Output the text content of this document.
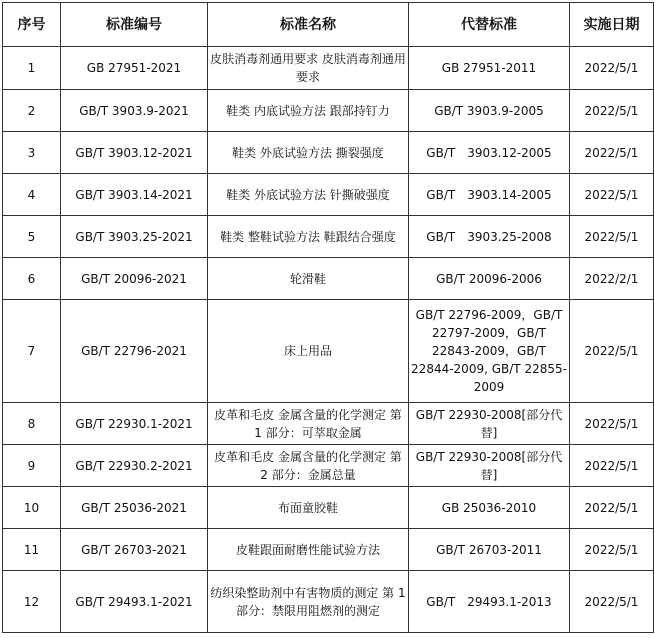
序号	标准编号	标准名称	代替标准	实施日期
1	GB 27951-2021	皮肤消毒剂通用要求 皮肤消毒剂通用要求	GB 27951-2011	2022/5/1
2	GB/T 3903.9-2021	鞋类 内底试验方法 跟部持钉力	GB/T 3903.9-2005	2022/5/1
3	GB/T 3903.12-2021	鞋类 外底试验方法 撕裂强度	GB/T　3903.12-2005	2022/5/1
4	GB/T 3903.14-2021	鞋类 外底试验方法 针撕破强度	GB/T　3903.14-2005	2022/5/1
5	GB/T 3903.25-2021	鞋类 整鞋试验方法 鞋跟结合强度	GB/T　3903.25-2008	2022/5/1
6	GB/T 20096-2021	轮滑鞋	GB/T 20096-2006	2022/2/1
7	GB/T 22796-2021	床上用品	GB/T 22796-2009，GB/T 22797-2009，GB/T 22843-2009，GB/T 22844-2009, GB/T 22855-2009	2022/5/1
8	GB/T 22930.1-2021	皮革和毛皮 金属含量的化学测定 第 1 部分：可萃取金属	GB/T 22930-2008[部分代替]	2022/5/1
9	GB/T 22930.2-2021	皮革和毛皮 金属含量的化学测定 第 2 部分：金属总量	GB/T 22930-2008[部分代替]	2022/5/1
10	GB/T 25036-2021	布面童胶鞋	GB 25036-2010	2022/5/1
11	GB/T 26703-2021	皮鞋跟面耐磨性能试验方法	GB/T 26703-2011	2022/5/1
12	GB/T 29493.1-2021	纺织染整助剂中有害物质的测定 第 1 部分：禁限用阻燃剂的测定	GB/T　29493.1-2013	2022/5/1
